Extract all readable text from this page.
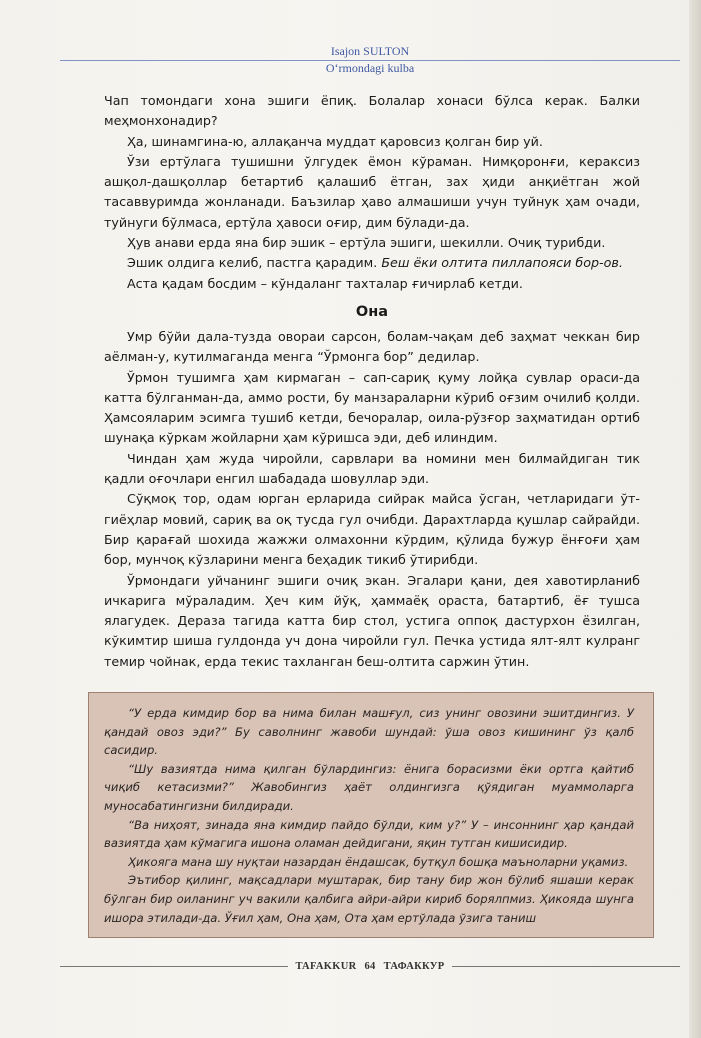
Isajon SULTON
O‘rmondagi kulba

Чап томондаги хона эшиги ёпиқ. Болалар хонаси бўлса керак. Балки меҳмонхонадир?

Ҳа, шинамгина-ю, аллақанча муддат қаровсиз қолган бир уй.

Ўзи ертўлага тушишни ўлгудек ёмон кўраман. Нимқоронғи, кераксиз ашқол-дашқоллар бетартиб қалашиб ётган, зах ҳиди анқиётган жой тасаввуримда жонланади. Баъзилар ҳаво алмашиши учун туйнук ҳам очади, туйнуги бўлмаса, ертўла ҳавоси оғир, дим бўлади-да.

Ҳув анави ерда яна бир эшик – ертўла эшиги, шекилли. Очиқ турибди.

Эшик олдига келиб, пастга қарадим. Беш ёки олтита пиллапояси бор-ов.

Аста қадам босдим – кўндаланг тахталар ғичирлаб кетди.

Она

Умр бўйи дала-тузда овораи сарсон, болам-чақам деб заҳмат чеккан бир аёлман-у, кутилмаганда менга “Ўрмонга бор” дедилар.

Ўрмон тушимга ҳам кирмаган – сап-сариқ қуму лойқа сувлар ораси-да катта бўлганман-да, аммо рости, бу манзараларни кўриб оғзим очилиб қолди. Ҳамсояларим эсимга тушиб кетди, бечоралар, оила-рўзғор заҳматидан ортиб шунақа кўркам жойларни ҳам кўришса эди, деб илиндим.

Чиндан ҳам жуда чиройли, сарвлари ва номини мен билмайдиган тик қадли оғочлари енгил шабадада шовуллар эди.

Сўқмоқ тор, одам юрган ерларида сийрак майса ўсган, четларидаги ўт-гиёҳлар мовий, сариқ ва оқ тусда гул очибди. Дарахтларда қушлар сайрайди. Бир қарағай шохида жажжи олмахонни кўрдим, қўлида бужур ёнғоғи ҳам бор, мунчоқ кўзларини менга беҳадик тикиб ўтирибди.

Ўрмондаги уйчанинг эшиги очиқ экан. Эгалари қани, дея хавотирланиб ичкарига мўраладим. Ҳеч ким йўқ, ҳаммаёқ ораста, батартиб, ёғ тушса ялагудек. Дераза тагида катта бир стол, устига оппоқ дастурхон ёзилган, кўкимтир шиша гулдонда уч дона чиройли гул. Печка устида ялт-ялт кулранг темир чойнак, ерда текис тахланган беш-олтита саржин ўтин.

“У ерда кимдир бор ва нима билан машғул, сиз унинг овозини эшитдингиз. У қандай овоз эди?” Бу саволнинг жавоби шундай: ўша овоз кишининг ўз қалб сасидир.

“Шу вазиятда нима қилган бўлардингиз: ёнига борасизми ёки ортга қайтиб чиқиб кетасизми?” Жавобингиз ҳаёт олдингизга қўядиган муаммоларга муносабатингизни билдиради.

“Ва ниҳоят, зинада яна кимдир пайдо бўлди, ким у?” У – инсоннинг ҳар қандай вазиятда ҳам кўмагига ишона оламан дейдигани, яқин тутган кишисидир.

Ҳикояга мана шу нуқтаи назардан ёндашсак, бутқул бошқа маъноларни уқамиз.

Эътибор қилинг, мақсадлари муштарак, бир тану бир жон бўлиб яшаши керак бўлган бир оиланинг уч вакили қалбига айри-айри кириб борялпмиз. Ҳикояда шунга ишора этилади-да. Ўғил ҳам, Она ҳам, Ота ҳам ертўлада ўзига таниш

TAFAKKUR 64 ТАФАККУР
